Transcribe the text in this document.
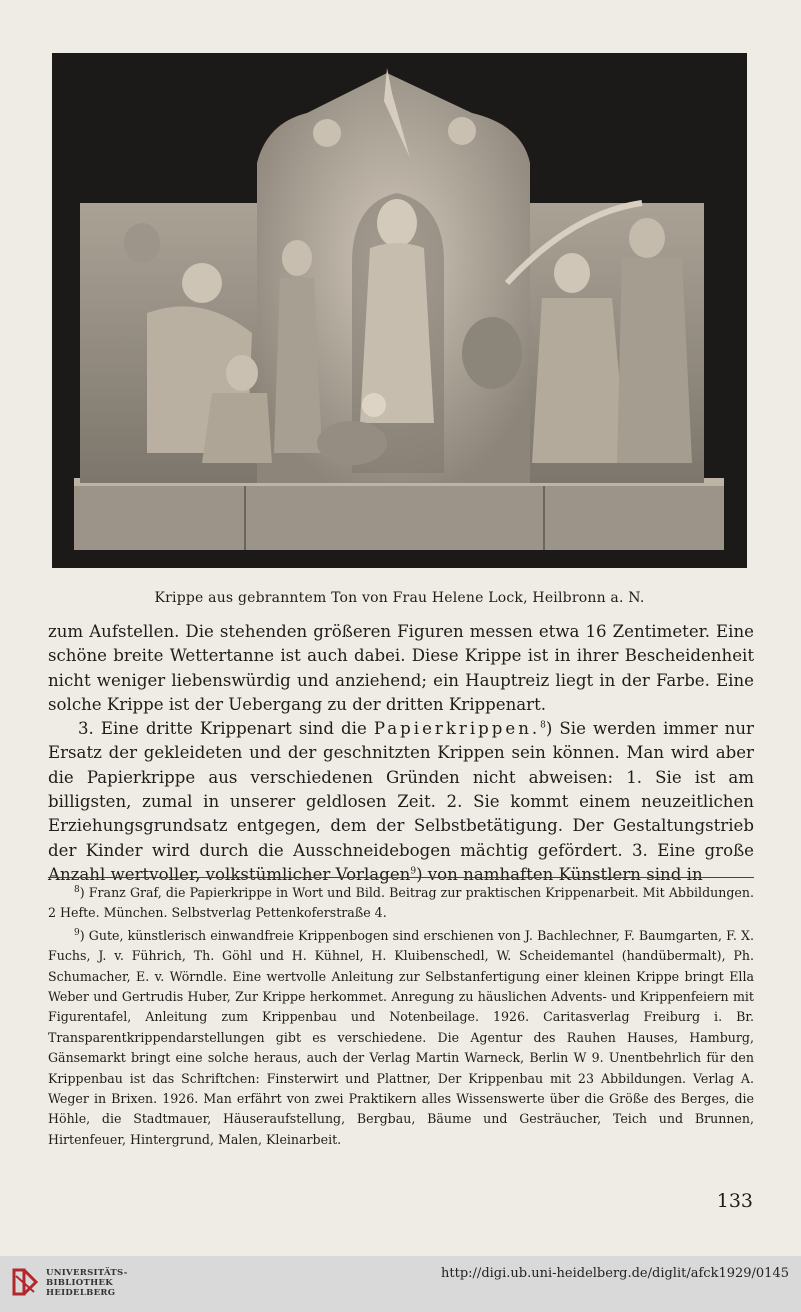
Krippe aus gebranntem Ton von Frau Helene Lock, Heilbronn a. N.

zum Aufstellen. Die stehenden größeren Figuren messen etwa 16 Zentimeter. Eine schöne breite Wettertanne ist auch dabei. Diese Krippe ist in ihrer Bescheidenheit nicht weniger liebenswürdig und anziehend; ein Hauptreiz liegt in der Farbe. Eine solche Krippe ist der Uebergang zu der dritten Krippenart.

3. Eine dritte Krippenart sind die Papierkrippen.$^8$) Sie werden immer nur Ersatz der gekleideten und der geschnitzten Krippen sein können. Man wird aber die Papierkrippe aus verschiedenen Gründen nicht abweisen: 1. Sie ist am billigsten, zumal in unserer geldlosen Zeit. 2. Sie kommt einem neuzeitlichen Erziehungsgrundsatz entgegen, dem der Selbstbetätigung. Der Gestaltungstrieb der Kinder wird durch die Ausschneidebogen mächtig gefördert. 3. Eine große Anzahl wertvoller, volkstümlicher Vorlagen$^9$) von namhaften Künstlern sind in

$^8$) Franz Graf, die Papierkrippe in Wort und Bild. Beitrag zur praktischen Krippenarbeit. Mit Abbildungen. 2 Hefte. München. Selbstverlag Pettenkoferstraße 4.

$^9$) Gute, künstlerisch einwandfreie Krippenbogen sind erschienen von J. Bachlechner, F. Baumgarten, F. X. Fuchs, J. v. Führich, Th. Göhl und H. Kühnel, H. Kluibenschedl, W. Scheidemantel (handübermalt), Ph. Schumacher, E. v. Wörndle. Eine wertvolle Anleitung zur Selbstanfertigung einer kleinen Krippe bringt Ella Weber und Gertrudis Huber, Zur Krippe herkommet. Anregung zu häuslichen Advents- und Krippenfeiern mit Figurentafel, Anleitung zum Krippenbau und Notenbeilage. 1926. Caritasverlag Freiburg i. Br. Transparentkrippendarstellungen gibt es verschiedene. Die Agentur des Rauhen Hauses, Hamburg, Gänsemarkt bringt eine solche heraus, auch der Verlag Martin Warneck, Berlin W 9. Unentbehrlich für den Krippenbau ist das Schriftchen: Finsterwirt und Plattner, Der Krippenbau mit 23 Abbildungen. Verlag A. Weger in Brixen. 1926. Man erfährt von zwei Praktikern alles Wissenswerte über die Größe des Berges, die Höhle, die Stadtmauer, Häuseraufstellung, Bergbau, Bäume und Gesträucher, Teich und Brunnen, Hirtenfeuer, Hintergrund, Malen, Kleinarbeit.

133
UNIVERSITÄTS-
BIBLIOTHEK
HEIDELBERG
http://digi.ub.uni-heidelberg.de/diglit/afck1929/0145
